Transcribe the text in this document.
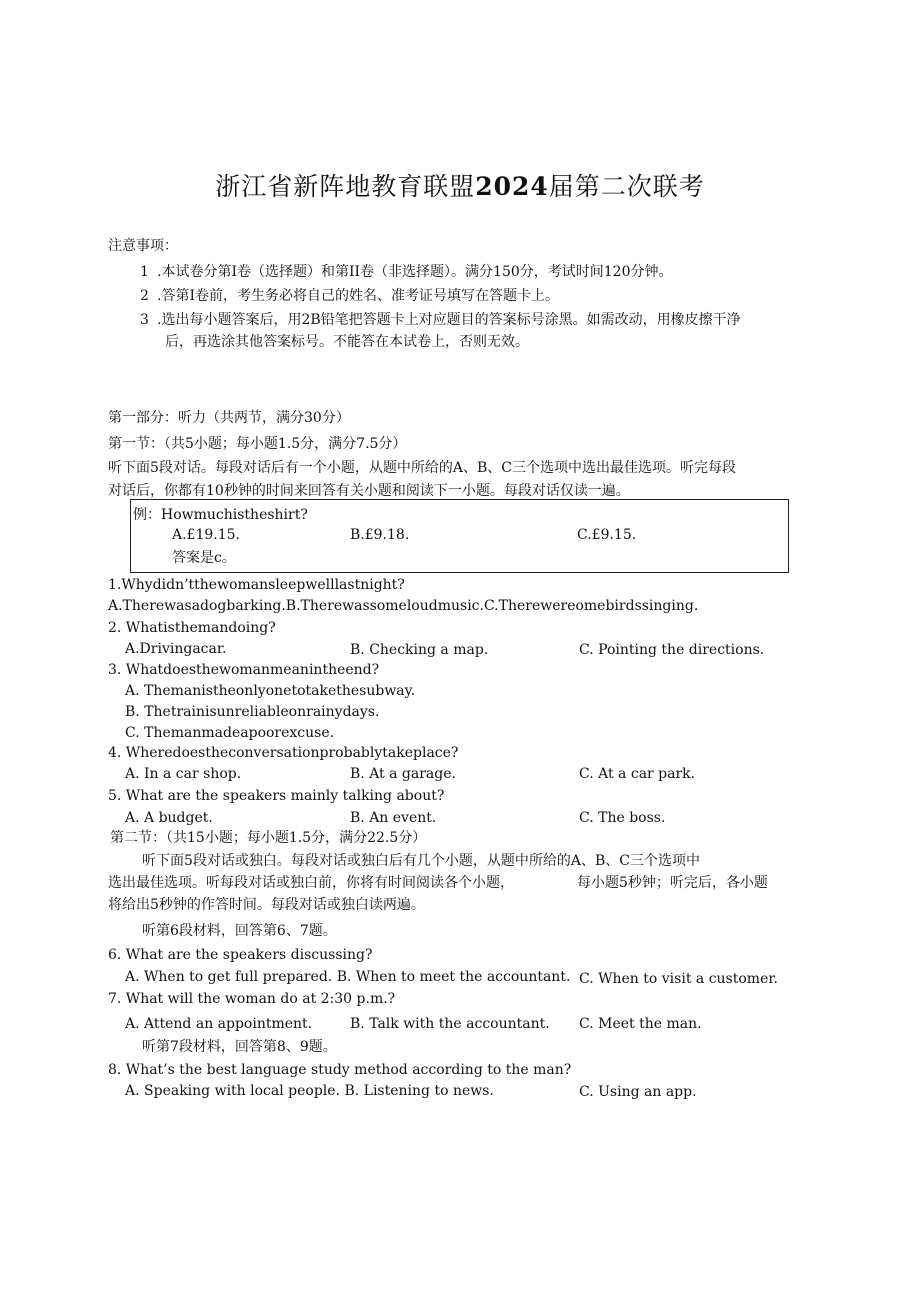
浙江省新阵地教育联盟2024届第二次联考
注意事项：
1 .本试卷分第I卷（选择题）和第II卷（非选择题）。满分150分，考试时间120分钟。
2 .答第I卷前，考生务必将自己的姓名、准考证号填写在答题卡上。
3 .选出每小题答案后，用2B铅笔把答题卡上对应题目的答案标号涂黑。如需改动，用橡皮擦干净
后，再选涂其他答案标号。不能答在本试卷上，否则无效。
第一部分：听力（共两节，满分30分）
第一节：（共5小题；每小题1.5分，满分7.5分）
听下面5段对话。每段对话后有一个小题，从题中所给的A、B、C三个选项中选出最佳选项。听完每段
对话后，你都有10秒钟的时间来回答有关小题和阅读下一小题。每段对话仅读一遍。
例：Howmuchistheshirt?
A.£19.15.	B.£9.18.	C.£9.15.
答案是c。
1.Whydidn’tthewomansleepwelllastnight?
A.Therewasadogbarking.B.Therewassomeloudmusic.C.Therewereomebirdssinging.
2. Whatisthemandoing?
A.Drivingacar.	B. Checking a map.	C. Pointing the directions.
3. Whatdoesthewomanmeanintheend?
A. Themanistheonlyonetotakethesubway.
B. Thetrainisunreliableonrainydays.
C. Themanmadeapoorexcuse.
4. Wheredoestheconversationprobablytakeplace?
A. In a car shop.	B. At a garage.	C. At a car park.
5. What are the speakers mainly talking about?
A. A budget.	B. An event.	C. The boss.
第二节：（共15小题；每小题1.5分，满分22.5分）
听下面5段对话或独白。每段对话或独白后有几个小题，从题中所给的A、B、C三个选项中
选出最佳选项。听每段对话或独白前，你将有时间阅读各个小题，	每小题5秒钟；听完后，各小题
将给出5秒钟的作答时间。每段对话或独白读两遍。
听第6段材料，回答第6、7题。
6. What are the speakers discussing?
A. When to get full prepared. B. When to meet the accountant. C. When to visit a customer.
7. What will the woman do at 2:30 p.m.?
A. Attend an appointment.	B. Talk with the accountant. C. Meet the man.
听第7段材料，回答第8、9题。
8. What’s the best language study method according to the man?
A. Speaking with local people. B. Listening to news.	C. Using an app.
